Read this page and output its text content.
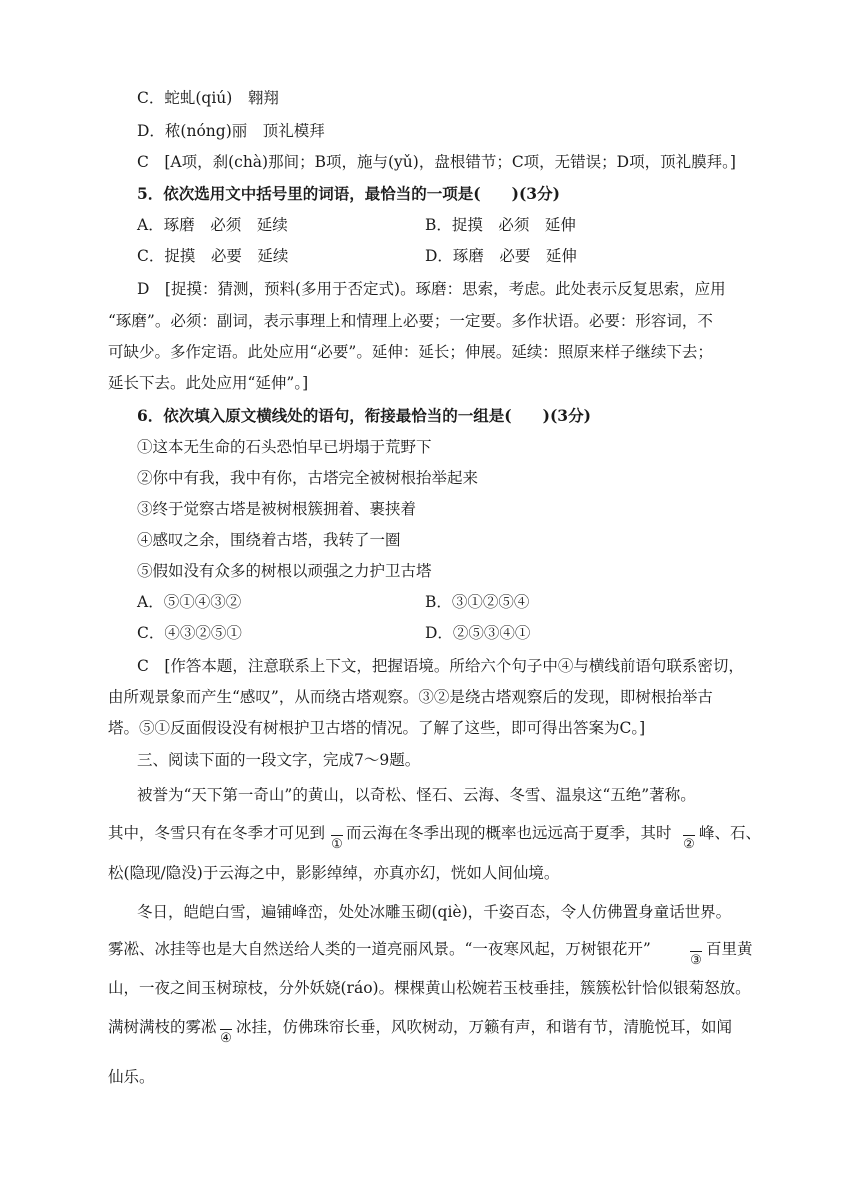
C．蛇虬(qiú)　翱翔
D．秾(nóng)丽　顶礼模拜
C　[A项，刹(chà)那间；B项，施与(yǔ)，盘根错节；C项，无错误；D项，顶礼膜拜。]
5．依次选用文中括号里的词语，最恰当的一项是(　　)(3分)
A．琢磨　必须　延续	B．捉摸　必须　延伸
C．捉摸　必要　延续	D．琢磨　必要　延伸
D　[捉摸：猜测，预料(多用于否定式)。琢磨：思索，考虑。此处表示反复思索，应用
“琢磨”。必须：副词，表示事理上和情理上必要；一定要。多作状语。必要：形容词，不
可缺少。多作定语。此处应用“必要”。延伸：延长；伸展。延续：照原来样子继续下去；
延长下去。此处应用“延伸”。]
6．依次填入原文横线处的语句，衔接最恰当的一组是(　　)(3分)
①这本无生命的石头恐怕早已坍塌于荒野下
②你中有我，我中有你，古塔完全被树根抬举起来
③终于觉察古塔是被树根簇拥着、裹挟着
④感叹之余，围绕着古塔，我转了一圈
⑤假如没有众多的树根以顽强之力护卫古塔
A．⑤①④③②	B．③①②⑤④
C．④③②⑤①	D．②⑤③④①
C　[作答本题，注意联系上下文，把握语境。所给六个句子中④与横线前语句联系密切，
由所观景象而产生“感叹”，从而绕古塔观察。③②是绕古塔观察后的发现，即树根抬举古
塔。⑤①反面假设没有树根护卫古塔的情况。了解了这些，即可得出答案为C。]
三、阅读下面的一段文字，完成7～9题。
被誉为“天下第一奇山”的黄山，以奇松、怪石、云海、冬雪、温泉这“五绝”著称。
其中，冬雪只有在冬季才可见到
①
而云海在冬季出现的概率也远远高于夏季，其时
②
峰、石、
松(隐现/隐没)于云海之中，影影绰绰，亦真亦幻，恍如人间仙境。
冬日，皑皑白雪，遍铺峰峦，处处冰雕玉砌(qiè)，千姿百态，令人仿佛置身童话世界。
雾凇、冰挂等也是大自然送给人类的一道亮丽风景。“一夜寒风起，万树银花开”
③
百里黄
山，一夜之间玉树琼枝，分外妖娆(ráo)。棵棵黄山松婉若玉枝垂挂，簇簇松针恰似银菊怒放。
满树满枝的雾凇
④
冰挂，仿佛珠帘长垂，风吹树动，万籁有声，和谐有节，清脆悦耳，如闻
仙乐。
